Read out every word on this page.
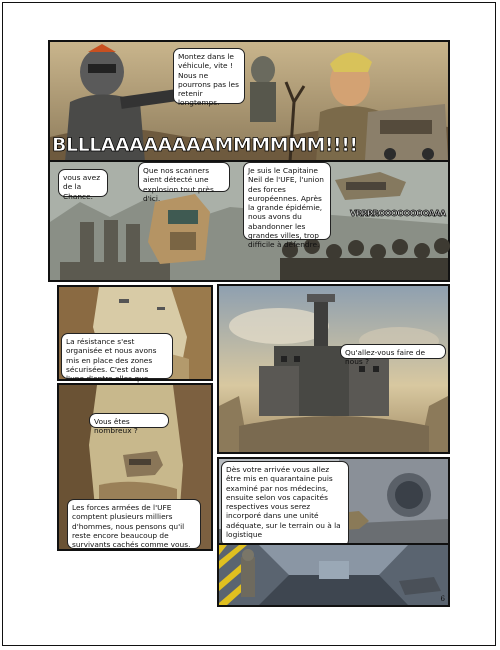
Montez dans le véhicule, vite ! Nous ne pourrons pas les retenir longtemps.
BLLLAAAAAAAAMMMMMM!!!!
vous avez de la Chance.
Que nos scanners aient détecté une explosion tout près d'ici.
Je suis le Capitaine Neil de l'UFE, l'union des forces européennes. Après la grande épidémie, nous avons du abandonner les grandes villes, trop difficile à défendre.
VRRRROOOOOOOOAAA
La résistance s'est organisée et nous avons mis en place des zones sécurisées. C'est dans l'une d'entre elles que
Qu'allez-vous faire de nous ?
Vous êtes nombreux ?
Les forces armées de l'UFE comptent plusieurs milliers d'hommes, nous pensons qu'il reste encore beaucoup de survivants cachés comme vous.
Dès votre arrivée vous allez être mis en quarantaine puis examiné par nos médecins, ensuite selon vos capacités respectives vous serez incorporé dans une unité adéquate, sur le terrain ou à la logistique
6
